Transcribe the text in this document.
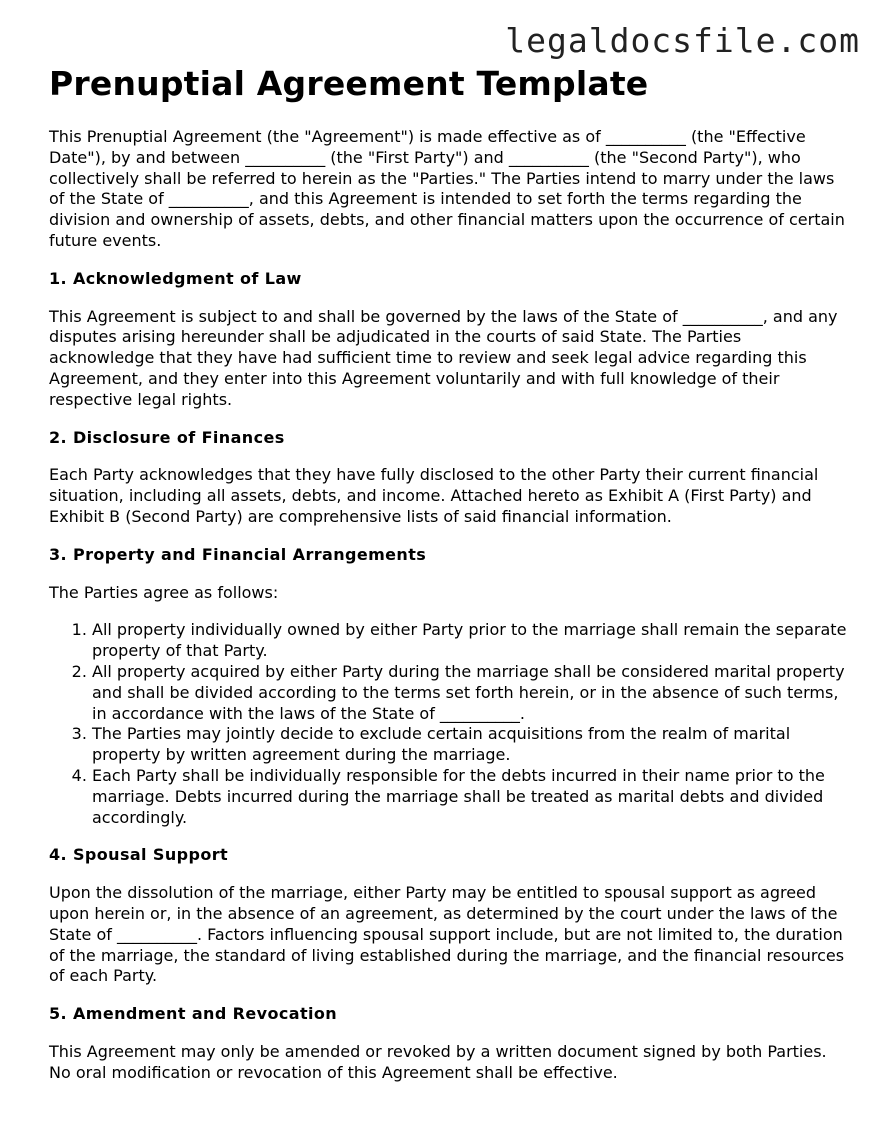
legaldocsfile.com
Prenuptial Agreement Template

This Prenuptial Agreement (the "Agreement") is made effective as of __________ (the "Effective Date"), by and between __________ (the "First Party") and __________ (the "Second Party"), who collectively shall be referred to herein as the "Parties." The Parties intend to marry under the laws of the State of __________, and this Agreement is intended to set forth the terms regarding the division and ownership of assets, debts, and other financial matters upon the occurrence of certain future events.

1. Acknowledgment of Law

This Agreement is subject to and shall be governed by the laws of the State of __________, and any disputes arising hereunder shall be adjudicated in the courts of said State. The Parties acknowledge that they have had sufficient time to review and seek legal advice regarding this Agreement, and they enter into this Agreement voluntarily and with full knowledge of their respective legal rights.

2. Disclosure of Finances

Each Party acknowledges that they have fully disclosed to the other Party their current financial situation, including all assets, debts, and income. Attached hereto as Exhibit A (First Party) and Exhibit B (Second Party) are comprehensive lists of said financial information.

3. Property and Financial Arrangements

The Parties agree as follows:

1. All property individually owned by either Party prior to the marriage shall remain the separate property of that Party.
2. All property acquired by either Party during the marriage shall be considered marital property and shall be divided according to the terms set forth herein, or in the absence of such terms, in accordance with the laws of the State of __________.
3. The Parties may jointly decide to exclude certain acquisitions from the realm of marital property by written agreement during the marriage.
4. Each Party shall be individually responsible for the debts incurred in their name prior to the marriage. Debts incurred during the marriage shall be treated as marital debts and divided accordingly.
4. Spousal Support

Upon the dissolution of the marriage, either Party may be entitled to spousal support as agreed upon herein or, in the absence of an agreement, as determined by the court under the laws of the State of __________. Factors influencing spousal support include, but are not limited to, the duration of the marriage, the standard of living established during the marriage, and the financial resources of each Party.

5. Amendment and Revocation

This Agreement may only be amended or revoked by a written document signed by both Parties. No oral modification or revocation of this Agreement shall be effective.
